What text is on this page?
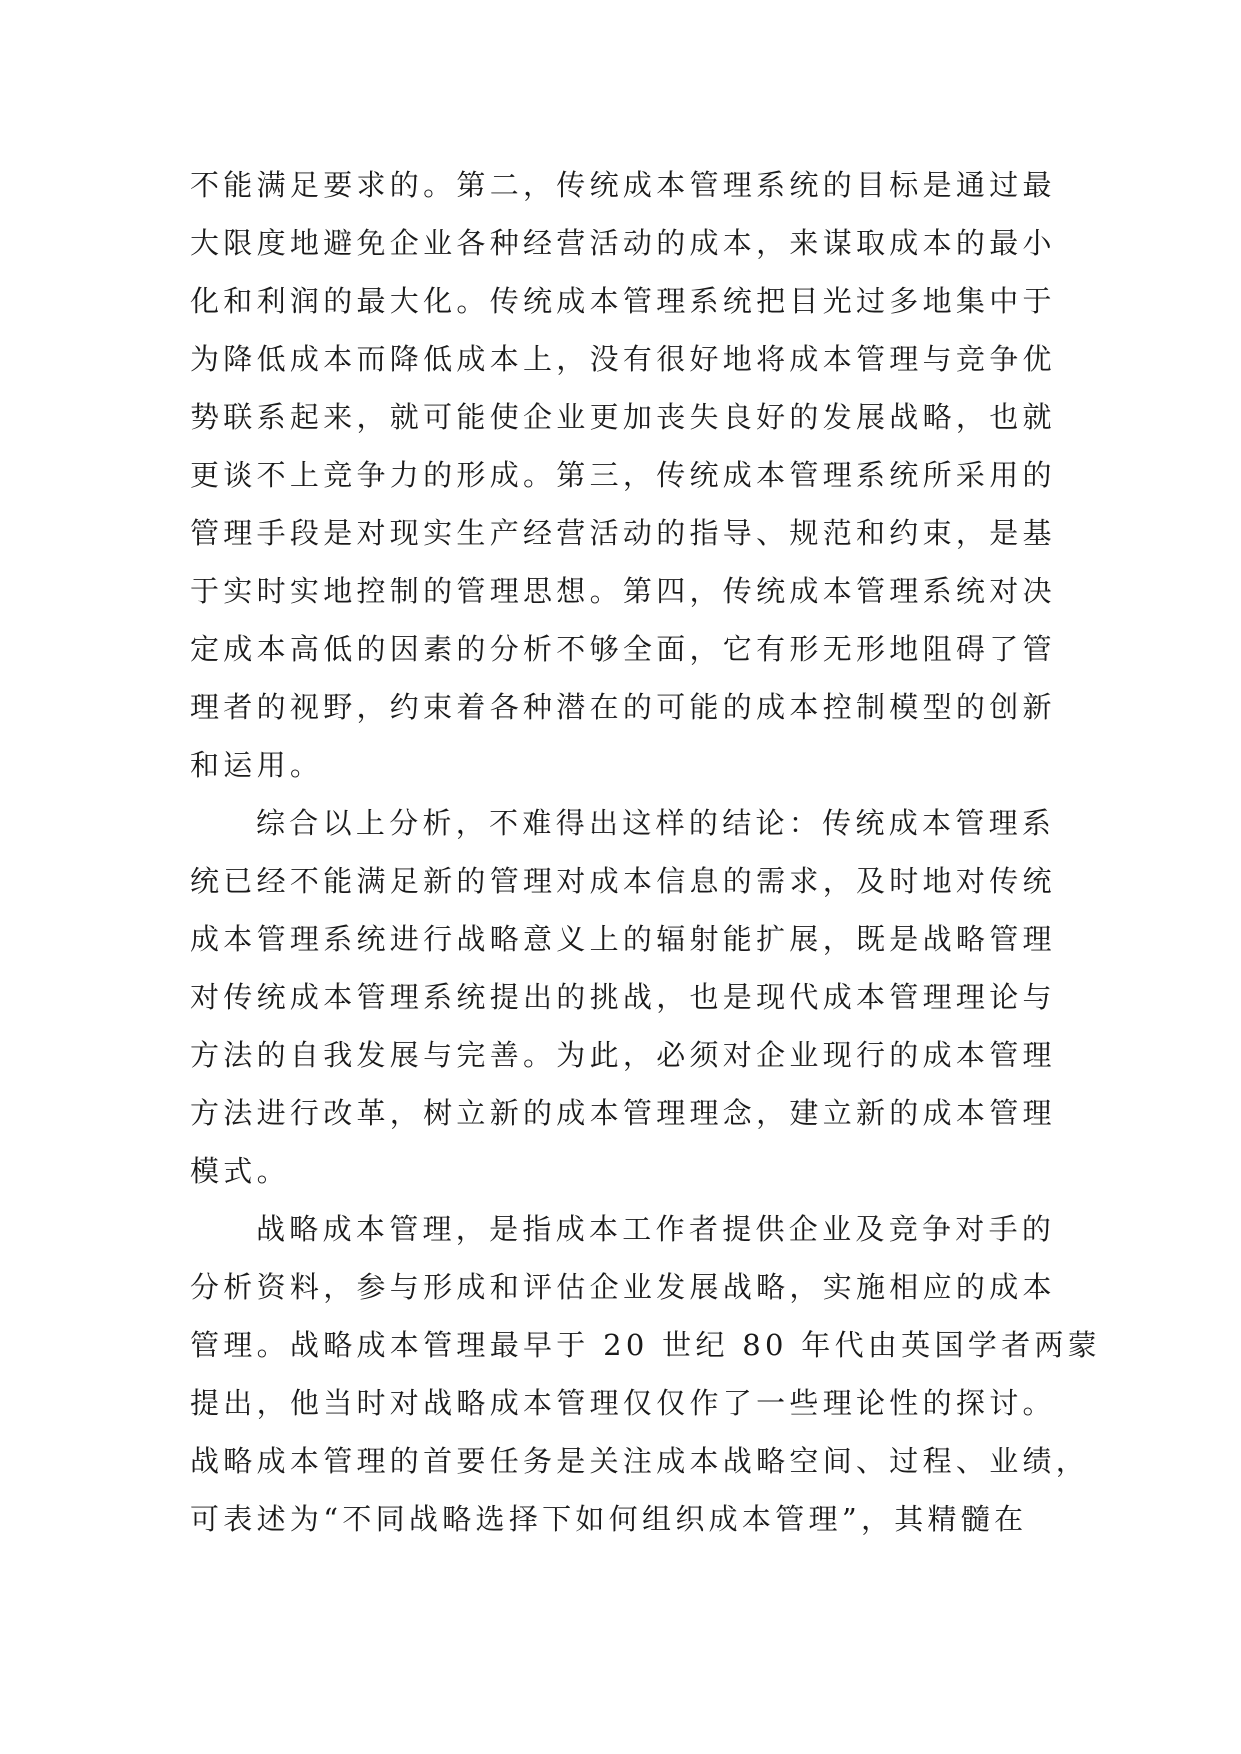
不能满足要求的。第二，传统成本管理系统的目标是通过最
大限度地避免企业各种经营活动的成本，来谋取成本的最小
化和利润的最大化。传统成本管理系统把目光过多地集中于
为降低成本而降低成本上，没有很好地将成本管理与竞争优
势联系起来，就可能使企业更加丧失良好的发展战略，也就
更谈不上竞争力的形成。第三，传统成本管理系统所采用的
管理手段是对现实生产经营活动的指导、规范和约束，是基
于实时实地控制的管理思想。第四，传统成本管理系统对决
定成本高低的因素的分析不够全面，它有形无形地阻碍了管
理者的视野，约束着各种潜在的可能的成本控制模型的创新
和运用。
综合以上分析，不难得出这样的结论：传统成本管理系
统已经不能满足新的管理对成本信息的需求，及时地对传统
成本管理系统进行战略意义上的辐射能扩展，既是战略管理
对传统成本管理系统提出的挑战，也是现代成本管理理论与
方法的自我发展与完善。为此，必须对企业现行的成本管理
方法进行改革，树立新的成本管理理念，建立新的成本管理
模式。
战略成本管理，是指成本工作者提供企业及竞争对手的
分析资料，参与形成和评估企业发展战略，实施相应的成本
管理。战略成本管理最早于 20 世纪 80 年代由英国学者两蒙
提出，他当时对战略成本管理仅仅作了一些理论性的探讨。
战略成本管理的首要任务是关注成本战略空间、过程、业绩，
可表述为“不同战略选择下如何组织成本管理”，其精髓在
